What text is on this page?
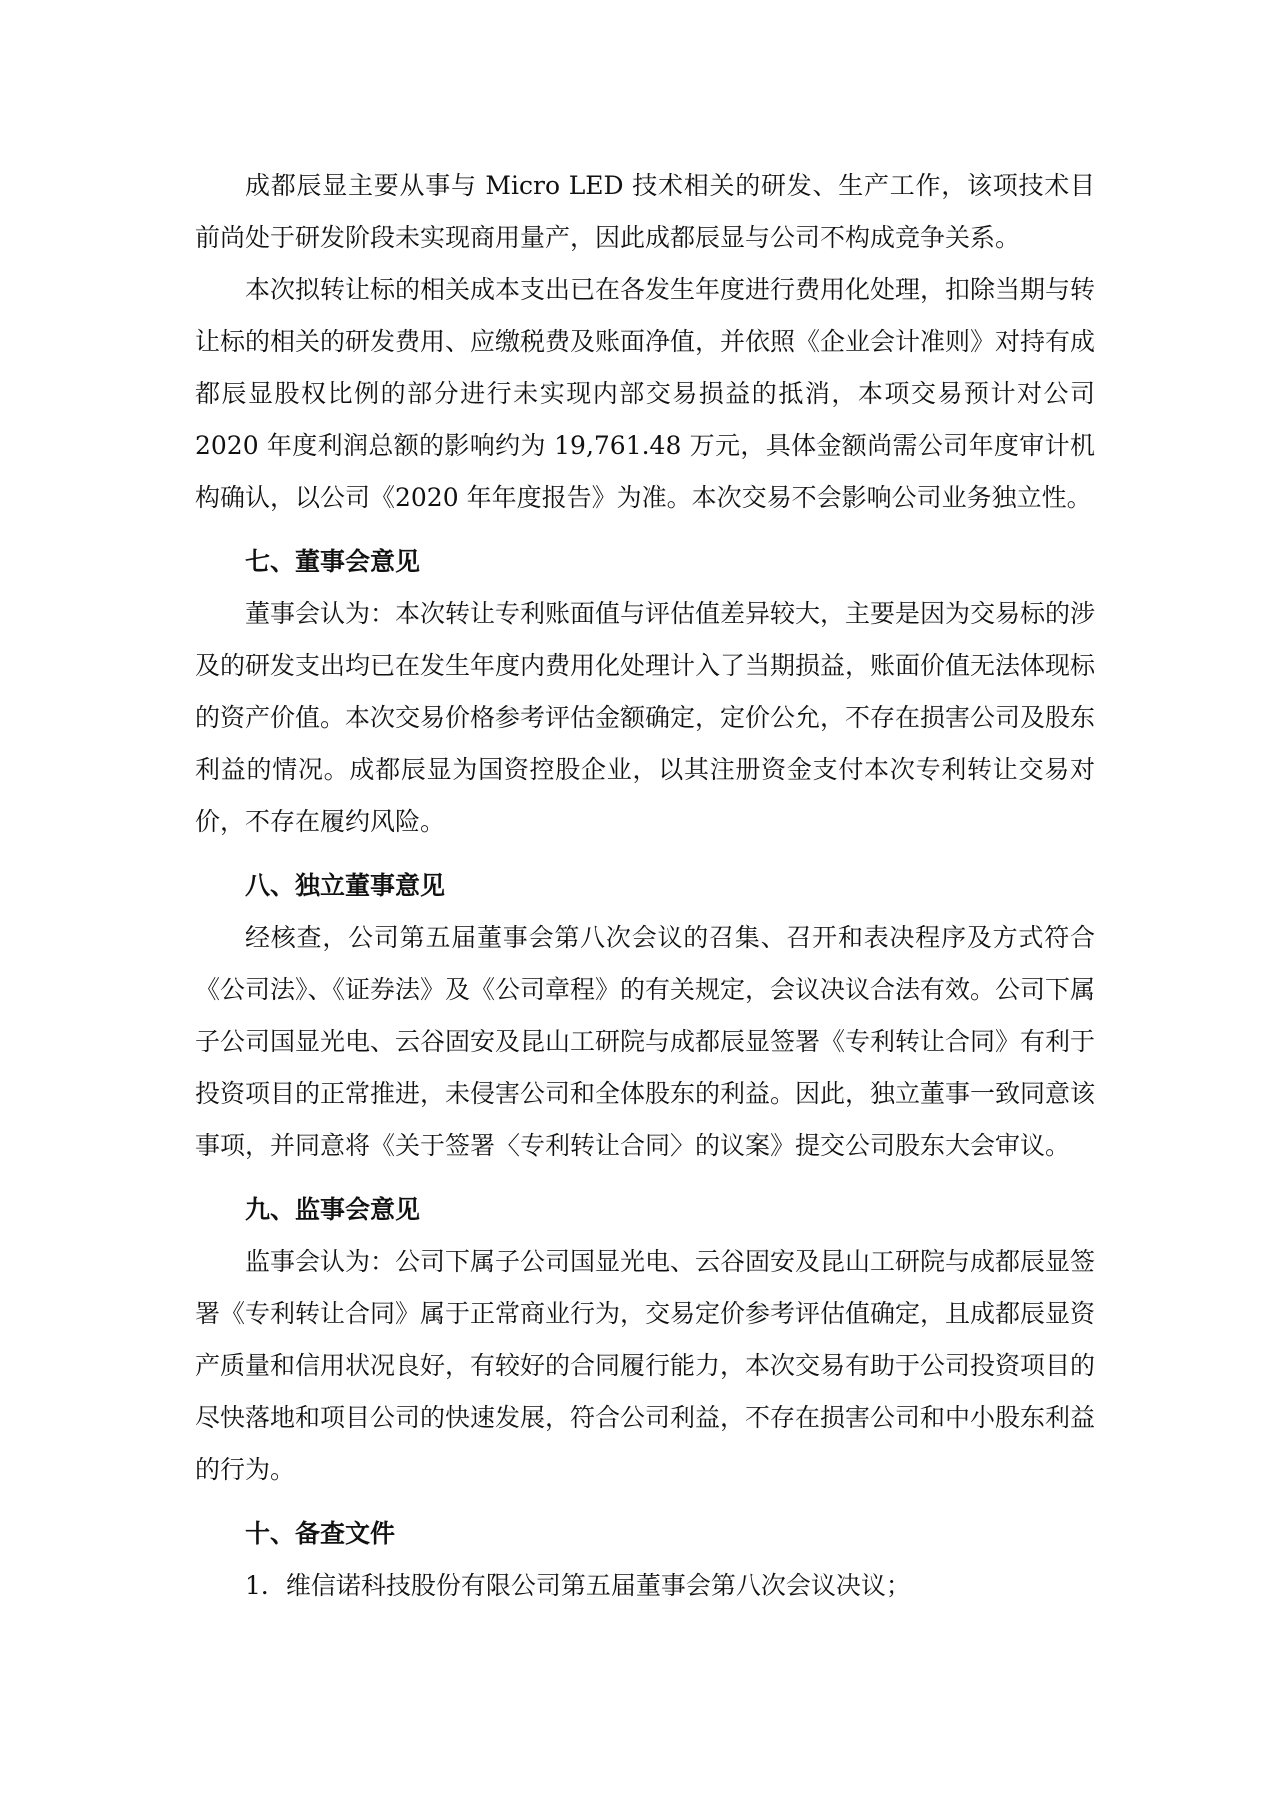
成都辰显主要从事与 Micro LED 技术相关的研发、生产工作，该项技术目前尚处于研发阶段未实现商用量产，因此成都辰显与公司不构成竞争关系。

本次拟转让标的相关成本支出已在各发生年度进行费用化处理，扣除当期与转让标的相关的研发费用、应缴税费及账面净值，并依照《企业会计准则》对持有成都辰显股权比例的部分进行未实现内部交易损益的抵消，本项交易预计对公司 2020 年度利润总额的影响约为 19,761.48 万元，具体金额尚需公司年度审计机构确认，以公司《2020 年年度报告》为准。本次交易不会影响公司业务独立性。

七、董事会意见

董事会认为：本次转让专利账面值与评估值差异较大，主要是因为交易标的涉及的研发支出均已在发生年度内费用化处理计入了当期损益，账面价值无法体现标的资产价值。本次交易价格参考评估金额确定，定价公允，不存在损害公司及股东利益的情况。成都辰显为国资控股企业，以其注册资金支付本次专利转让交易对价，不存在履约风险。

八、独立董事意见

经核查，公司第五届董事会第八次会议的召集、召开和表决程序及方式符合《公司法》、《证券法》及《公司章程》的有关规定，会议决议合法有效。公司下属子公司国显光电、云谷固安及昆山工研院与成都辰显签署《专利转让合同》有利于投资项目的正常推进，未侵害公司和全体股东的利益。因此，独立董事一致同意该事项，并同意将《关于签署〈专利转让合同〉的议案》提交公司股东大会审议。

九、监事会意见

监事会认为：公司下属子公司国显光电、云谷固安及昆山工研院与成都辰显签署《专利转让合同》属于正常商业行为，交易定价参考评估值确定，且成都辰显资产质量和信用状况良好，有较好的合同履行能力，本次交易有助于公司投资项目的尽快落地和项目公司的快速发展，符合公司利益，不存在损害公司和中小股东利益的行为。

十、备查文件

1．维信诺科技股份有限公司第五届董事会第八次会议决议；
